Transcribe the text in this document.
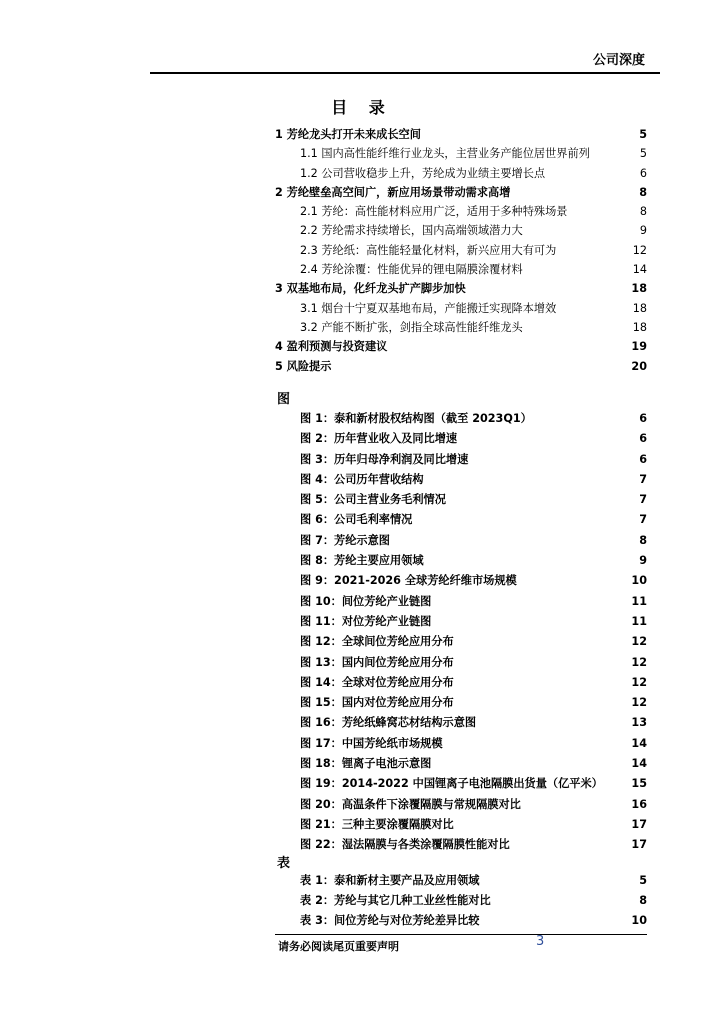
公司深度
目 录
1 芳纶龙头打开未来成长空间	5
1.1 国内高性能纤维行业龙头，主营业务产能位居世界前列	5
1.2 公司营收稳步上升，芳纶成为业绩主要增长点	6
2 芳纶壁垒高空间广，新应用场景带动需求高增	8
2.1 芳纶：高性能材料应用广泛，适用于多种特殊场景	8
2.2 芳纶需求持续增长，国内高端领域潜力大	9
2.3 芳纶纸：高性能轻量化材料，新兴应用大有可为	12
2.4 芳纶涂覆：性能优异的锂电隔膜涂覆材料	14
3 双基地布局，化纤龙头扩产脚步加快	18
3.1 烟台十宁夏双基地布局，产能搬迁实现降本增效	18
3.2 产能不断扩张，剑指全球高性能纤维龙头	18
4 盈利预测与投资建议	19
5 风险提示	20
图
图 1：泰和新材股权结构图（截至 2023Q1）	6
图 2：历年营业收入及同比增速	6
图 3：历年归母净利润及同比增速	6
图 4：公司历年营收结构	7
图 5：公司主营业务毛利情况	7
图 6：公司毛利率情况	7
图 7：芳纶示意图	8
图 8：芳纶主要应用领域	9
图 9：2021-2026 全球芳纶纤维市场规模	10
图 10：间位芳纶产业链图	11
图 11：对位芳纶产业链图	11
图 12：全球间位芳纶应用分布	12
图 13：国内间位芳纶应用分布	12
图 14：全球对位芳纶应用分布	12
图 15：国内对位芳纶应用分布	12
图 16：芳纶纸蜂窝芯材结构示意图	13
图 17：中国芳纶纸市场规模	14
图 18：锂离子电池示意图	14
图 19：2014-2022 中国锂离子电池隔膜出货量（亿平米）	15
图 20：高温条件下涂覆隔膜与常规隔膜对比	16
图 21：三种主要涂覆隔膜对比	17
图 22：湿法隔膜与各类涂覆隔膜性能对比	17
表
表 1：泰和新材主要产品及应用领域	5
表 2：芳纶与其它几种工业丝性能对比	8
表 3：间位芳纶与对位芳纶差异比较	10
请务必阅读尾页重要声明	3
